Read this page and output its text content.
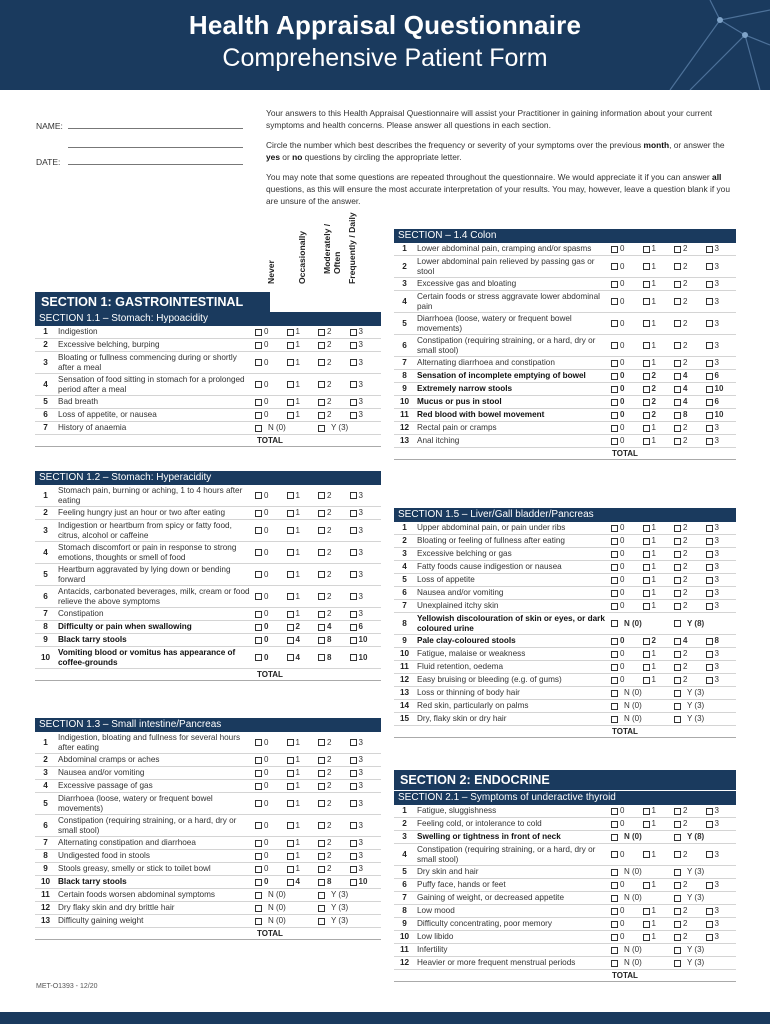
Health Appraisal Questionnaire
Comprehensive Patient Form
NAME:
DATE:

Your answers to this Health Appraisal Questionnaire will assist your Practitioner in gaining information about your current symptoms and health concerns. Please answer all questions in each section.

Circle the number which best describes the frequency or severity of your symptoms over the previous month, or answer the yes or no questions by circling the appropriate letter.

You may note that some questions are repeated throughout the questionnaire. We would appreciate it if you can answer all questions, as this will ensure the most accurate interpretation of your results. You may, however, leave a question blank if you are unsure of the answer.

Never Occasionally Moderately / Often Frequently / Daily
SECTION 1: GASTROINTESTINAL
SECTION 1.1 – Stomach: Hypoacidity
1	Indigestion	0	1	2	3
2	Excessive belching, burping	0	1	2	3
3
Bloating or fullness commencing during or shortly after a meal
0	1	2	3
4
Sensation of food sitting in stomach for a prolonged period after a meal
0	1	2	3
5	Bad breath	0	1	2	3
6	Loss of appetite, or nausea	0	1	2	3
7	History of anaemia	N (0)	Y (3)
TOTAL
SECTION 1.2 – Stomach: Hyperacidity
1
Stomach pain, burning or aching, 1 to 4 hours after eating
0	1	2	3
2	Feeling hungry just an hour or two after eating	0	1	2	3
3
Indigestion or heartburn from spicy or fatty food, citrus, alcohol or caffeine
0	1	2	3
4
Stomach discomfort or pain in response to strong emotions, thoughts or smell of food
0	1	2	3
5
Heartburn aggravated by lying down or bending forward
0	1	2	3
6
Antacids, carbonated beverages, milk, cream or food relieve the above symptoms
0	1	2	3
7	Constipation	0	1	2	3
8	Difficulty or pain when swallowing	0	2	4	6
9	Black tarry stools	0	4	8	10
10
Vomiting blood or vomitus has appearance of coffee-grounds
0	4	8	10
TOTAL
SECTION 1.3 – Small intestine/Pancreas
1
Indigestion, bloating and fullness for several hours after eating
0	1	2	3
2	Abdominal cramps or aches	0	1	2	3
3	Nausea and/or vomiting	0	1	2	3
4	Excessive passage of gas	0	1	2	3
5
Diarrhoea (loose, watery or frequent bowel movements)
0	1	2	3
6
Constipation (requiring straining, or a hard, dry or small stool)
0	1	2	3
7	Alternating constipation and diarrhoea	0	1	2	3
8	Undigested food in stools	0	1	2	3
9	Stools greasy, smelly or stick to toilet bowl	0	1	2	3
10 Black tarry stools	0	4	8	10
11 Certain foods worsen abdominal symptoms	N (0)	Y (3)
12 Dry flaky skin and dry brittle hair	N (0)	Y (3)
13 Difficulty gaining weight	N (0)	Y (3)
TOTAL
SECTION – 1.4 Colon
1	Lower abdominal pain, cramping and/or spasms	0	1	2	3
2
Lower abdominal pain relieved by passing gas or stool
0	1	2	3
3	Excessive gas and bloating	0	1	2	3
4
Certain foods or stress aggravate lower abdominal pain
0	1	2	3
5
Diarrhoea (loose, watery or frequent bowel movements)
0	1	2	3
6
Constipation (requiring straining, or a hard, dry or small stool)
0	1	2	3
7	Alternating diarrhoea and constipation	0	1	2	3
8	Sensation of incomplete emptying of bowel	0	2	4	6
9	Extremely narrow stools	0	2	4	10
10 Mucus or pus in stool	0	2	4	6
11 Red blood with bowel movement	0	2	8	10
12 Rectal pain or cramps	0	1	2	3
13 Anal itching	0	1	2	3
TOTAL
SECTION 1.5 – Liver/Gall bladder/Pancreas
1	Upper abdominal pain, or pain under ribs	0	1	2	3
2	Bloating or feeling of fullness after eating	0	1	2	3
3	Excessive belching or gas	0	1	2	3
4	Fatty foods cause indigestion or nausea	0	1	2	3
5	Loss of appetite	0	1	2	3
6	Nausea and/or vomiting	0	1	2	3
7	Unexplained itchy skin	0	1	2	3
8
Yellowish discolouration of skin or eyes, or dark coloured urine
N (0)	Y (8)
9	Pale clay-coloured stools	0	2	4	8
10 Fatigue, malaise or weakness	0	1	2	3
11 Fluid retention, oedema	0	1	2	3
12 Easy bruising or bleeding (e.g. of gums)	0	1	2	3
13 Loss or thinning of body hair	N (0)	Y (3)
14 Red skin, particularly on palms	N (0)	Y (3)
15 Dry, flaky skin or dry hair	N (0)	Y (3)
TOTAL
SECTION 2: ENDOCRINE
SECTION 2.1 – Symptoms of underactive thyroid
1	Fatigue, sluggishness	0	1	2	3
2	Feeling cold, or intolerance to cold	0	1	2	3
3	Swelling or tightness in front of neck	N (0)	Y (8)
4
Constipation (requiring straining, or a hard, dry or small stool)
0	1	2	3
5	Dry skin and hair	N (0)	Y (3)
6	Puffy face, hands or feet	0	1	2	3
7	Gaining of weight, or decreased appetite	N (0)	Y (3)
8	Low mood	0	1	2	3
9	Difficulty concentrating, poor memory	0	1	2	3
10 Low libido	0	1	2	3
11 Infertility	N (0)	Y (3)
12 Heavier or more frequent menstrual periods	N (0)	Y (3)
TOTAL
MET-O1393 - 12/20
